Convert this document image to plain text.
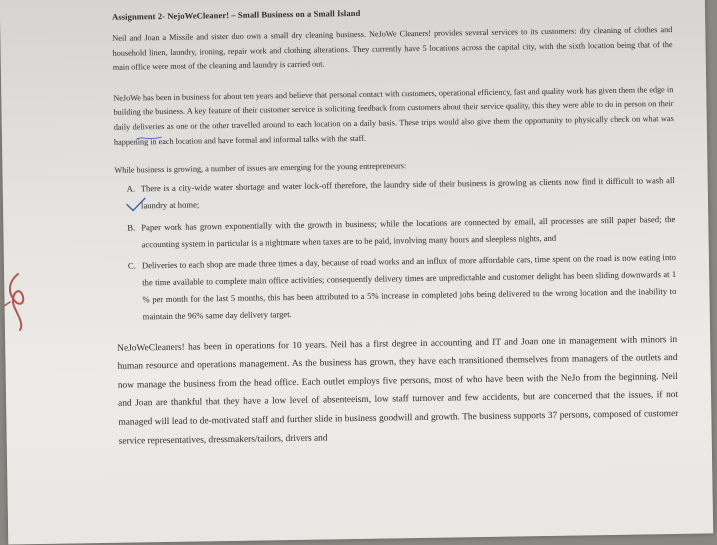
Assignment 2- NejoWeCleaner! – Small Business on a Small Island

Neil and Joan a Missile and sister duo own a small dry cleaning business. NeJoWe Cleaners! provides several services to its customers: dry cleaning of clothes and household linen, laundry, ironing, repair work and clothing alterations. They currently have 5 locations across the capital city, with the sixth location being that of the main office were most of the cleaning and laundry is carried out.

NeJoWe has been in business for about ten years and believe that personal contact with customers, operational efficiency, fast and quality work has given them the edge in building the business. A key feature of their customer service is soliciting feedback from customers about their service quality, this they were able to do in person on their daily deliveries as one or the other travelled around to each location on a daily basis. These trips would also give them the opportunity to physically check on what was happening in each location and have formal and informal talks with the staff.

While business is growing, a number of issues are emerging for the young entrepreneurs:
A. There is a city-wide water shortage and water lock-off therefore, the laundry side of their business is growing as clients now find it difficult to wash all laundry at home;
B. Paper work has grown exponentially with the growth in business; while the locations are connected by email, all processes are still paper based; the accounting system in particular is a nightmare when taxes are to be paid, involving many hours and sleepless nights, and
C. Deliveries to each shop are made three times a day, because of road works and an influx of more affordable cars, time spent on the road is now eating into the time available to complete main office activities; consequently delivery times are unpredictable and customer delight has been sliding downwards at 1 % per month for the last 5 months, this has been attributed to a 5% increase in completed jobs being delivered to the wrong location and the inability to maintain the 96% same day delivery target.

NeJoWeCleaners! has been in operations for 10 years. Neil has a first degree in accounting and IT and Joan one in management with minors in human resource and operations management. As the business has grown, they have each transitioned themselves from managers of the outlets and now manage the business from the head office. Each outlet employs five persons, most of who have been with the NeJo from the beginning. Neil and Joan are thankful that they have a low level of absenteeism, low staff turnover and few accidents, but are concerned that the issues, if not managed will lead to de-motivated staff and further slide in business goodwill and growth. The business supports 37 persons, composed of customer service representatives, dressmakers/tailors, drivers and
